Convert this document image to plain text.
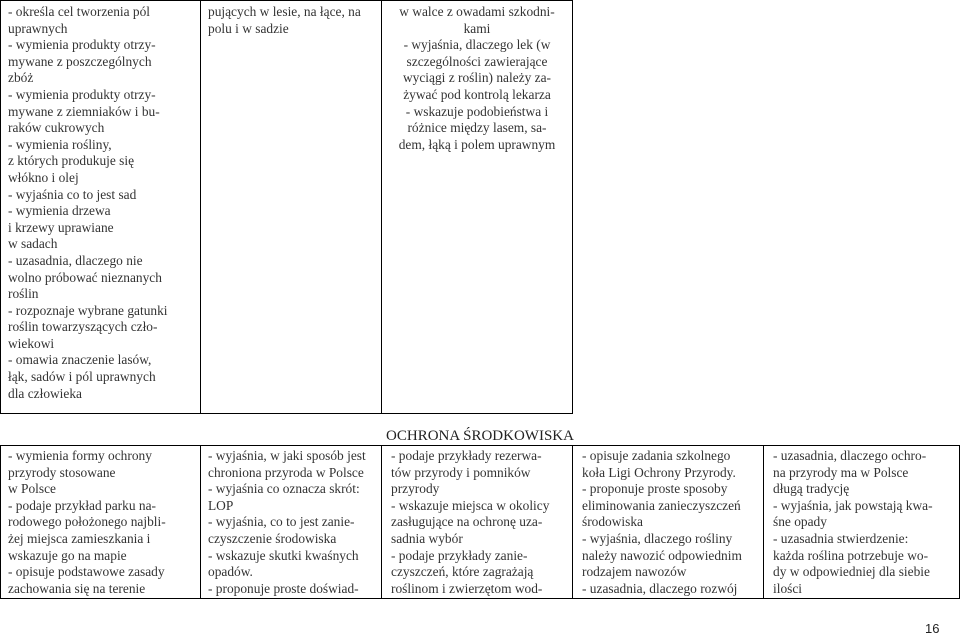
- określa cel tworzenia pól
uprawnych
- wymienia produkty otrzy-
mywane z poszczególnych
zbóż
- wymienia produkty otrzy-
mywane z ziemniaków i bu-
raków cukrowych
- wymienia rośliny,
z których produkuje się
włókno i olej
- wyjaśnia co to jest sad
- wymienia drzewa
i krzewy uprawiane
w sadach
- uzasadnia, dlaczego nie
wolno próbować nieznanych
roślin
- rozpoznaje wybrane gatunki
roślin towarzyszących czło-
wiekowi
- omawia znaczenie lasów,
łąk, sadów i pól uprawnych
dla człowieka
pujących w lesie, na łące, na
polu i w sadzie
w walce z owadami szkodni-
kami
- wyjaśnia, dlaczego lek (w
szczególności zawierające
wyciągi z roślin) należy za-
żywać pod kontrolą lekarza
- wskazuje podobieństwa i
różnice między lasem, sa-
dem, łąką i polem uprawnym
OCHRONA ŚRODKOWISKA
- wymienia formy ochrony
przyrody stosowane
w Polsce
- podaje przykład parku na-
rodowego położonego najbli-
żej miejsca zamieszkania i
wskazuje go na mapie
- opisuje podstawowe zasady
zachowania się na terenie
- wyjaśnia, w jaki sposób jest
chroniona przyroda w Polsce
- wyjaśnia co oznacza skrót:
LOP
- wyjaśnia, co to jest zanie-
czyszczenie środowiska
- wskazuje skutki kwaśnych
opadów.
- proponuje proste doświad-
- podaje przykłady rezerwa-
tów przyrody i pomników
przyrody
- wskazuje miejsca w okolicy
zasługujące na ochronę uza-
sadnia wybór
- podaje przykłady zanie-
czyszczeń, które zagrażają
roślinom i zwierzętom wod-
- opisuje zadania szkolnego
koła Ligi Ochrony Przyrody.
- proponuje proste sposoby
eliminowania zanieczyszczeń
środowiska
- wyjaśnia, dlaczego rośliny
należy nawozić odpowiednim
rodzajem nawozów
- uzasadnia, dlaczego rozwój
- uzasadnia, dlaczego ochro-
na przyrody ma w Polsce
długą tradycję
- wyjaśnia, jak powstają kwa-
śne opady
- uzasadnia stwierdzenie:
każda roślina potrzebuje wo-
dy w odpowiedniej dla siebie
ilości
16
